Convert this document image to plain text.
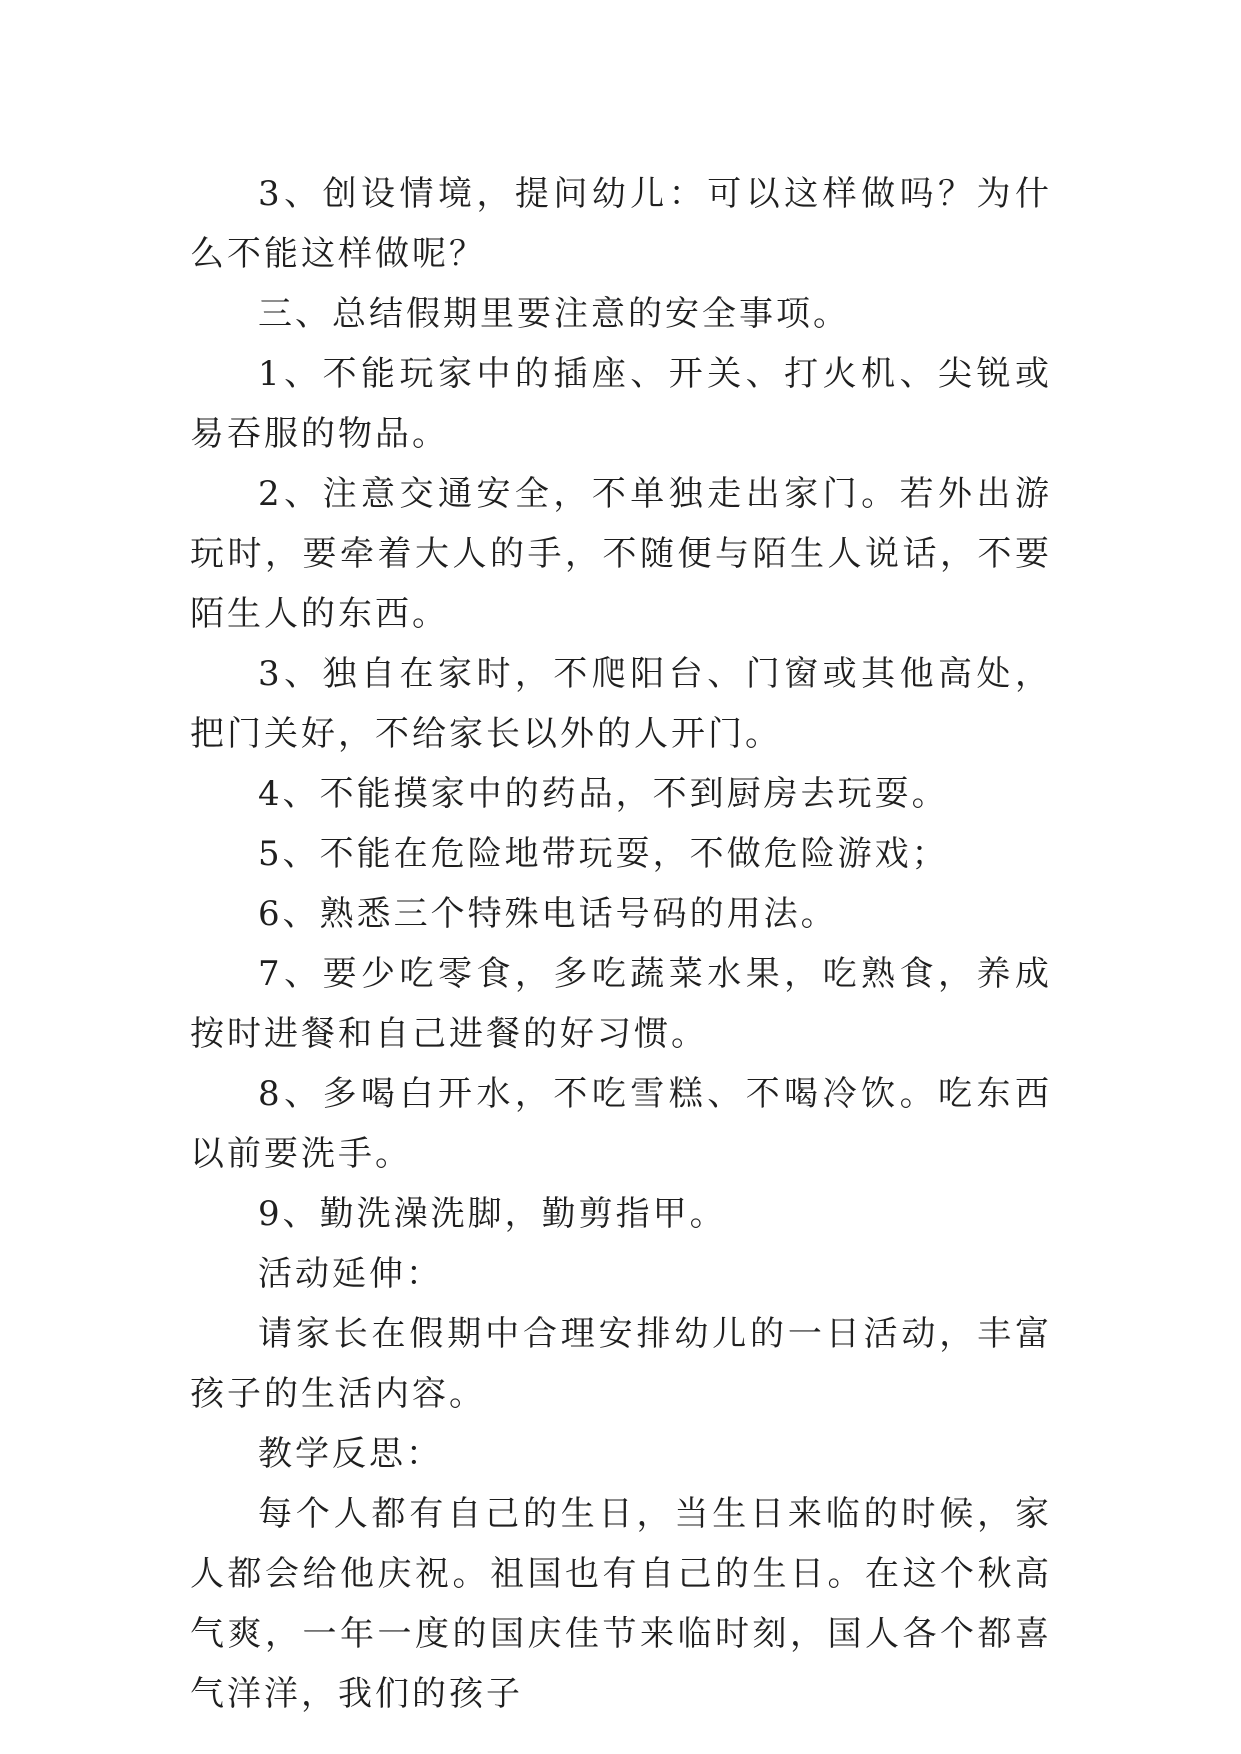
3、创设情境，提问幼儿：可以这样做吗？为什么不能这样做呢？

三、总结假期里要注意的安全事项。

1、不能玩家中的插座、开关、打火机、尖锐或易吞服的物品。

2、注意交通安全，不单独走出家门。若外出游玩时，要牵着大人的手，不随便与陌生人说话，不要陌生人的东西。

3、独自在家时，不爬阳台、门窗或其他高处，把门关好，不给家长以外的人开门。

4、不能摸家中的药品，不到厨房去玩耍。

5、不能在危险地带玩耍，不做危险游戏；

6、熟悉三个特殊电话号码的用法。

7、要少吃零食，多吃蔬菜水果，吃熟食，养成按时进餐和自己进餐的好习惯。

8、多喝白开水，不吃雪糕、不喝冷饮。吃东西以前要洗手。

9、勤洗澡洗脚，勤剪指甲。

活动延伸：

请家长在假期中合理安排幼儿的一日活动，丰富孩子的生活内容。

教学反思：

每个人都有自己的生日，当生日来临的时候，家人都会给他庆祝。祖国也有自己的生日。在这个秋高气爽，一年一度的国庆佳节来临时刻，国人各个都喜气洋洋，我们的孩子
